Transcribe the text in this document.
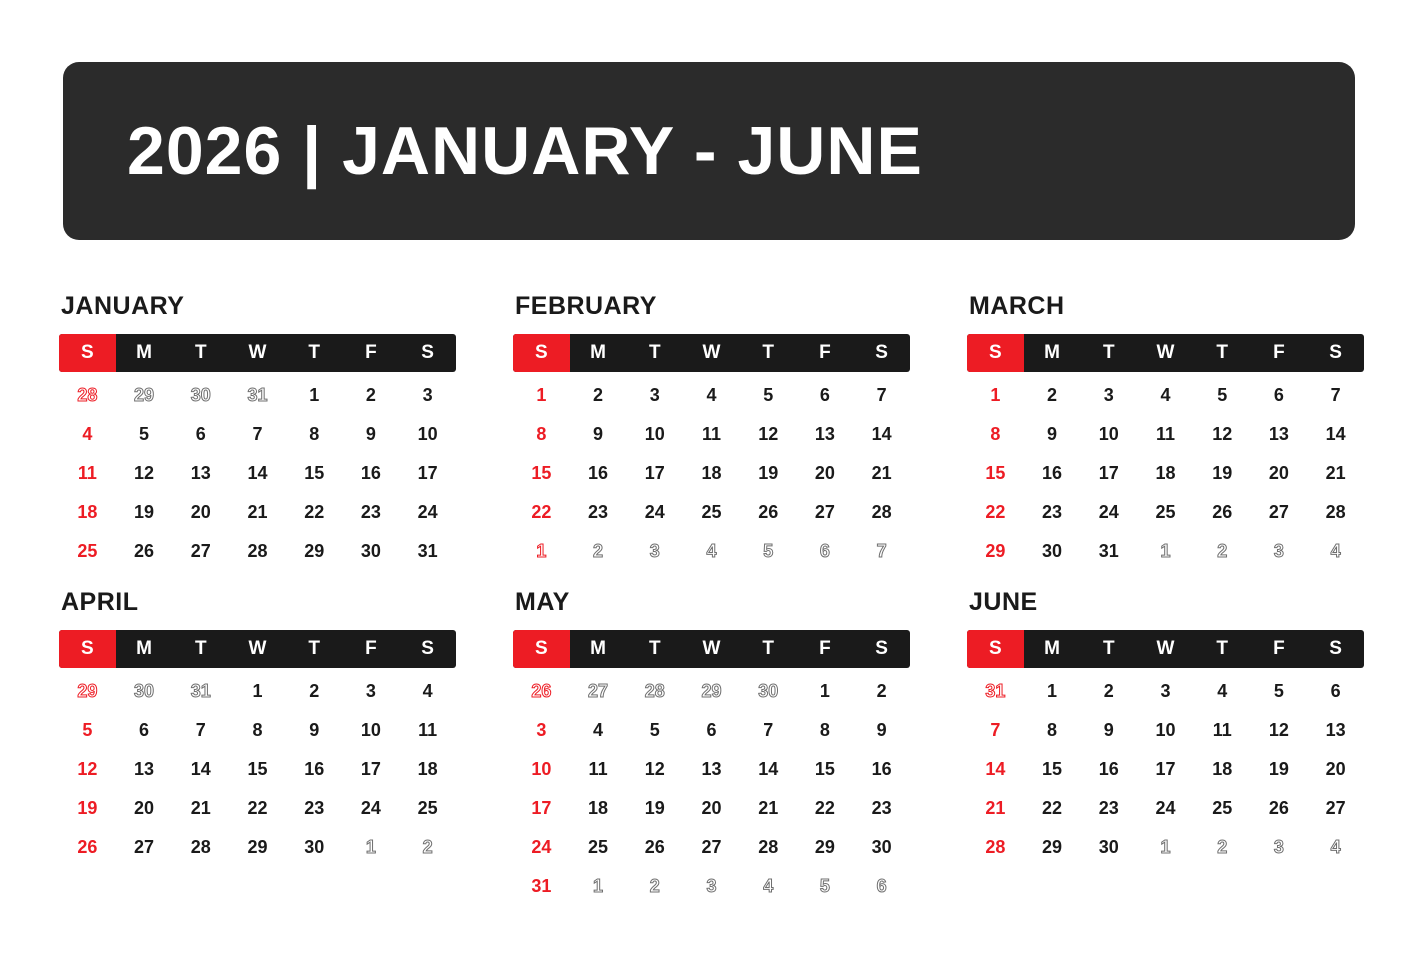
2026 | JANUARY - JUNE
JANUARY
S	M	T	W	T	F	S
28	29	30	31	1	2	3
4	5	6	7	8	9	10
11	12	13	14	15	16	17
18	19	20	21	22	23	24
25	26	27	28	29	30	31
FEBRUARY
S	M	T	W	T	F	S
1	2	3	4	5	6	7
8	9	10	11	12	13	14
15	16	17	18	19	20	21
22	23	24	25	26	27	28
1	2	3	4	5	6	7
MARCH
S	M	T	W	T	F	S
1	2	3	4	5	6	7
8	9	10	11	12	13	14
15	16	17	18	19	20	21
22	23	24	25	26	27	28
29	30	31	1	2	3	4
APRIL
S	M	T	W	T	F	S
29	30	31	1	2	3	4
5	6	7	8	9	10	11
12	13	14	15	16	17	18
19	20	21	22	23	24	25
26	27	28	29	30	1	2
MAY
S	M	T	W	T	F	S
26	27	28	29	30	1	2
3	4	5	6	7	8	9
10	11	12	13	14	15	16
17	18	19	20	21	22	23
24	25	26	27	28	29	30
31	1	2	3	4	5	6
JUNE
S	M	T	W	T	F	S
31	1	2	3	4	5	6
7	8	9	10	11	12	13
14	15	16	17	18	19	20
21	22	23	24	25	26	27
28	29	30	1	2	3	4
